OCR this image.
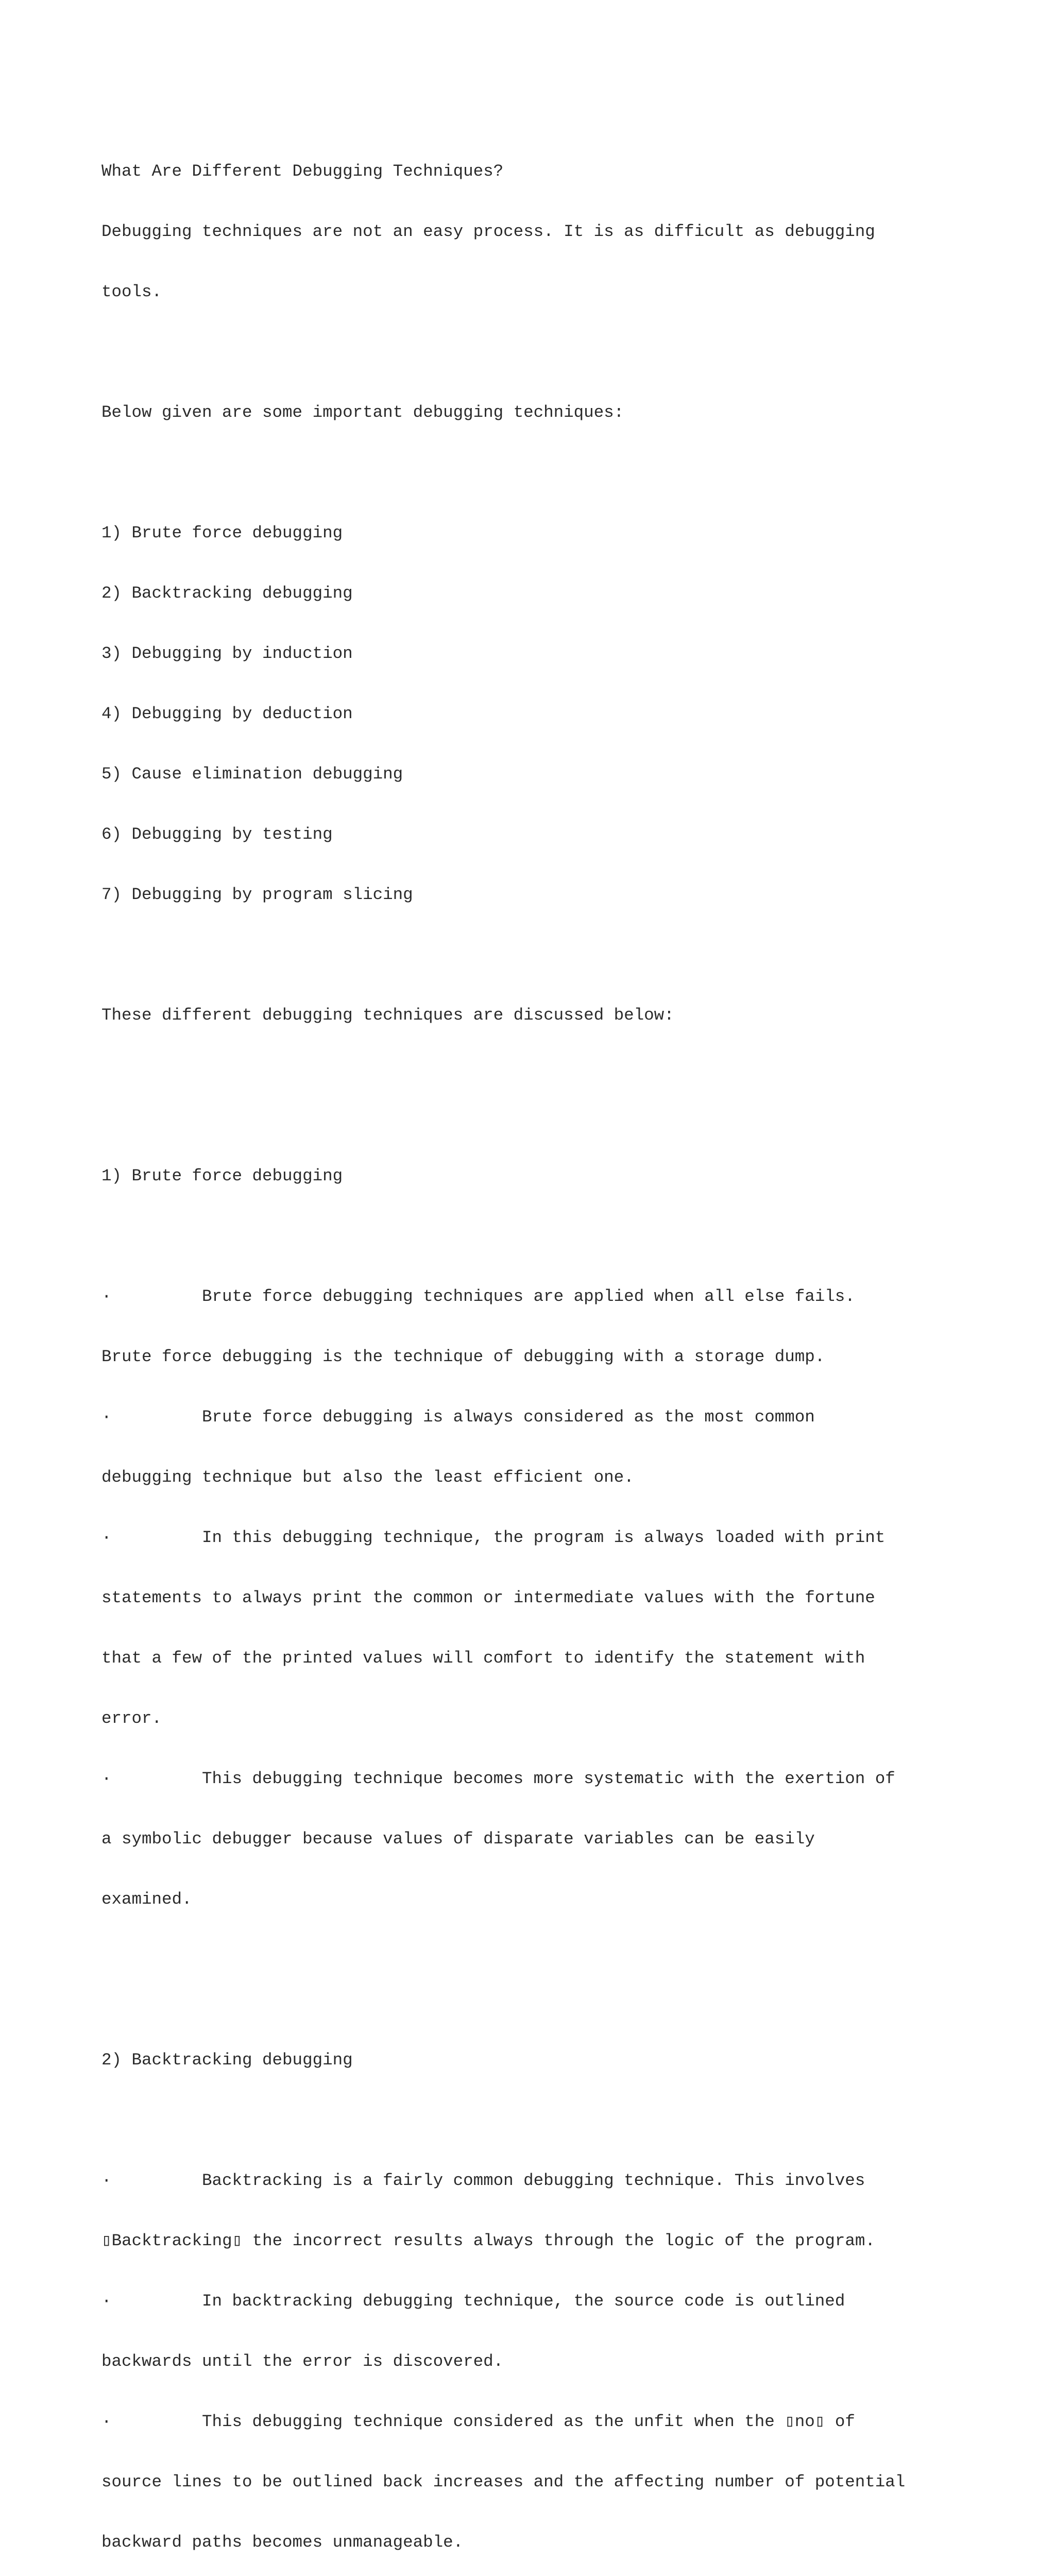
What Are Different Debugging Techniques?

Debugging techniques are not an easy process. It is as difficult as debugging

tools.

Below given are some important debugging techniques:

1) Brute force debugging

2) Backtracking debugging

3) Debugging by induction

4) Debugging by deduction

5) Cause elimination debugging

6) Debugging by testing

7) Debugging by program slicing

These different debugging techniques are discussed below:

1) Brute force debugging

·         Brute force debugging techniques are applied when all else fails.

Brute force debugging is the technique of debugging with a storage dump.

·         Brute force debugging is always considered as the most common

debugging technique but also the least efficient one.

·         In this debugging technique, the program is always loaded with print

statements to always print the common or intermediate values with the fortune

that a few of the printed values will comfort to identify the statement with

error.

·         This debugging technique becomes more systematic with the exertion of

a symbolic debugger because values of disparate variables can be easily

examined.

2) Backtracking debugging

·         Backtracking is a fairly common debugging technique. This involves

▯Backtracking▯ the incorrect results always through the logic of the program.

·         In backtracking debugging technique, the source code is outlined

backwards until the error is discovered.

·         This debugging technique considered as the unfit when the ▯no▯ of

source lines to be outlined back increases and the affecting number of potential

backward paths becomes unmanageable.
